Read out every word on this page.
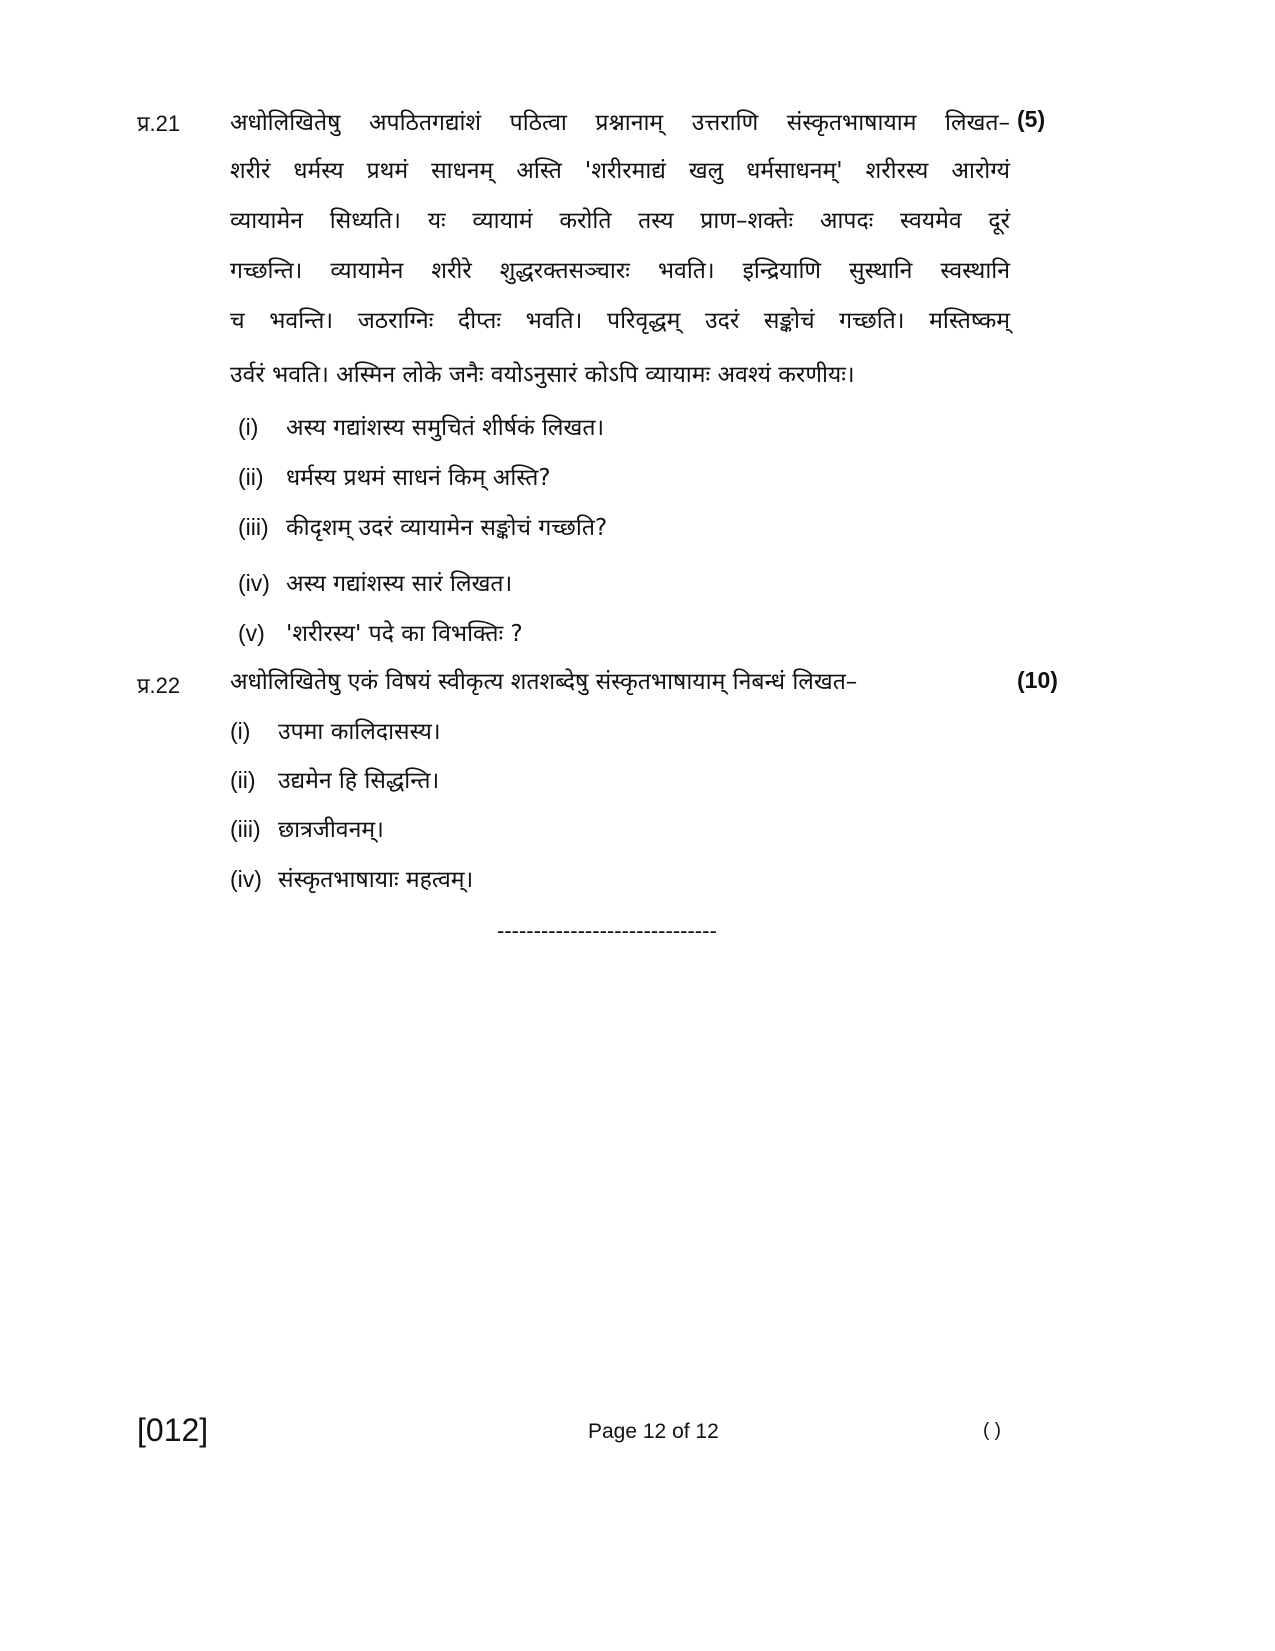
प्र.21	(5)
अधोलिखितेषु अपठितगद्यांशं पठित्वा प्रश्नानाम् उत्तराणि संस्कृतभाषायाम लिखत–
शरीरं धर्मस्य प्रथमं साधनम् अस्ति 'शरीरमाद्यं खलु धर्मसाधनम्' शरीरस्य आरोग्यं
व्यायामेन सिध्यति। यः व्यायामं करोति तस्य प्राण–शक्तेः आपदः स्वयमेव दूरं
गच्छन्ति। व्यायामेन शरीरे शुद्धरक्तसञ्चारः भवति। इन्द्रियाणि सुस्थानि स्वस्थानि
च भवन्ति। जठराग्निः दीप्तः भवति। परिवृद्धम् उदरं सङ्कोचं गच्छति। मस्तिष्कम्
उर्वरं भवति। अस्मिन लोके जनैः वयोऽनुसारं कोऽपि व्यायामः अवश्यं करणीयः।
(i) अस्य गद्यांशस्य समुचितं शीर्षकं लिखत।
(ii) धर्मस्य प्रथमं साधनं किम् अस्ति?
(iii) कीदृशम् उदरं व्यायामेन सङ्कोचं गच्छति?
(iv) अस्य गद्यांशस्य सारं लिखत।
(v) 'शरीरस्य' पदे का विभक्तिः ?
प्र.22	(10)
अधोलिखितेषु एकं विषयं स्वीकृत्य शतशब्देषु संस्कृतभाषायाम् निबन्धं लिखत–
(i) उपमा कालिदासस्य।
(ii) उद्यमेन हि सिद्धन्ति।
(iii) छात्रजीवनम्।
(iv) संस्कृतभाषायाः महत्वम्।
------------------------------
[012]	Page 12 of 12	( )
